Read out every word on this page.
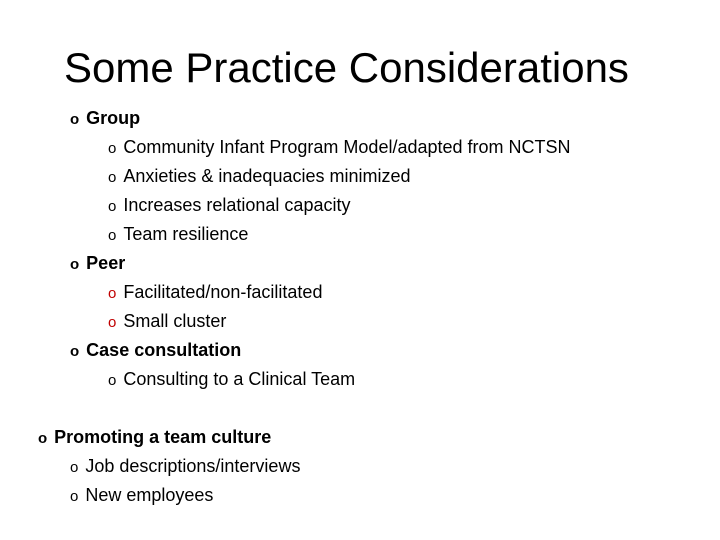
Some Practice Considerations
o Group
o Community Infant Program Model/adapted from NCTSN
o Anxieties & inadequacies minimized
o Increases relational capacity
o Team resilience
o Peer
o Facilitated/non-facilitated
o Small cluster
o Case consultation
o Consulting to a Clinical Team
o Promoting a team culture
o Job descriptions/interviews
o New employees
